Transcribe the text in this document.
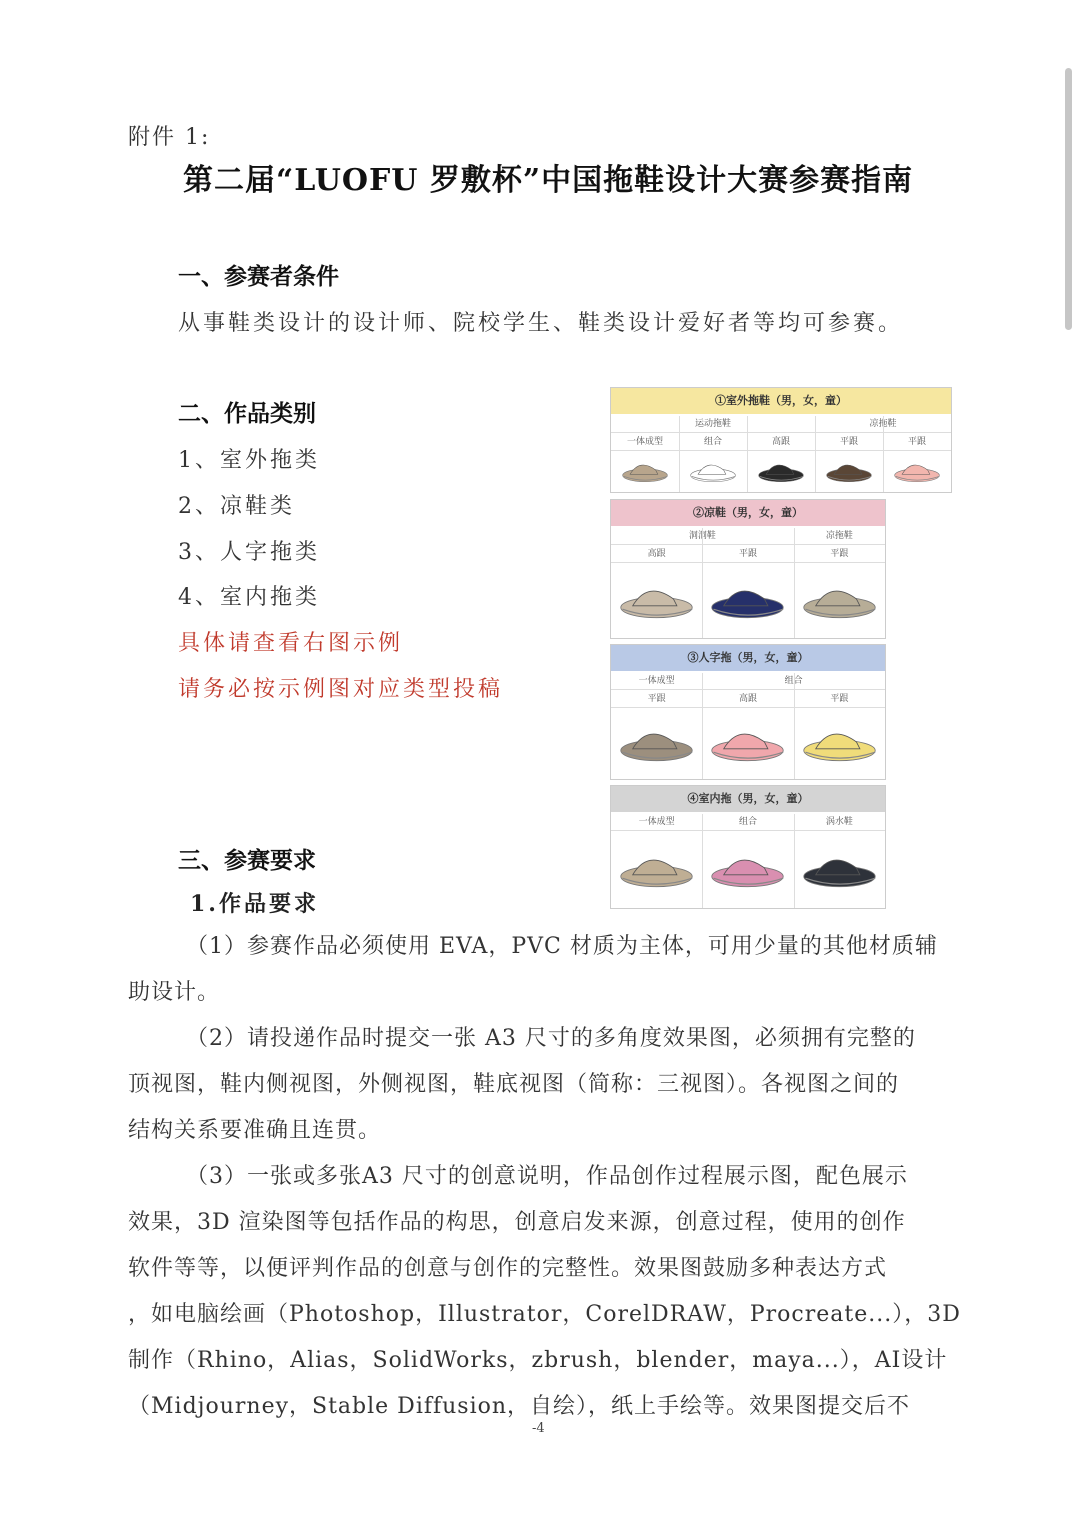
附件 1:
第二届“LUOFU 罗敷杯”中国拖鞋设计大赛参赛指南
一、参赛者条件
从事鞋类设计的设计师、院校学生、鞋类设计爱好者等均可参赛。
二、作品类别
1、室外拖类
2、凉鞋类
3、人字拖类
4、室内拖类
具体请查看右图示例
请务必按示例图对应类型投稿
三、参赛要求
1.作品要求
（1）参赛作品必须使用 EVA，PVC 材质为主体，可用少量的其他材质辅
助设计。
（2）请投递作品时提交一张 A3 尺寸的多角度效果图，必须拥有完整的
顶视图，鞋内侧视图，外侧视图，鞋底视图（简称：三视图）。各视图之间的
结构关系要准确且连贯。
（3）一张或多张A3 尺寸的创意说明，作品创作过程展示图，配色展示
效果，3D 渲染图等包括作品的构思，创意启发来源，创意过程，使用的创作
软件等等，以便评判作品的创意与创作的完整性。效果图鼓励多种表达方式
，如电脑绘画（Photoshop，Illustrator，CorelDRAW，Procreate...），3D
制作（Rhino，Alias，SolidWorks，zbrush，blender，maya...），AI设计
（Midjourney，Stable Diffusion，自绘），纸上手绘等。效果图提交后不
-4
①室外拖鞋（男，女，童）
运动拖鞋	凉拖鞋
一体成型	组合	高跟	平跟	平跟
②凉鞋（男，女，童）
洞洞鞋	凉拖鞋
高跟	平跟	平跟
③人字拖（男，女，童）
一体成型	组合
平跟	高跟	平跟
④室内拖（男，女，童）
一体成型	组合	涡水鞋
